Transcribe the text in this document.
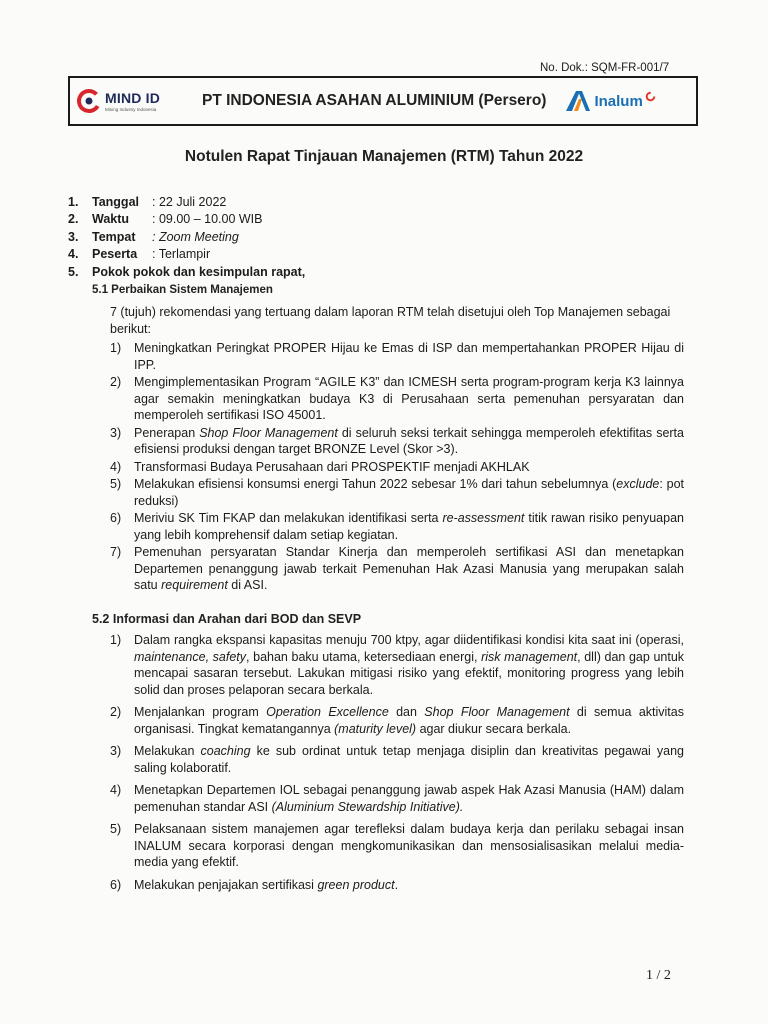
No. Dok.: SQM-FR-001/7
MIND ID
Mining Industry Indonesia
PT INDONESIA ASAHAN ALUMINIUM (Persero)	Inalum
Notulen Rapat Tinjauan Manajemen (RTM) Tahun 2022
1.	Tanggal	: 22 Juli 2022
2.	Waktu	: 09.00 – 10.00 WIB
3.	Tempat	: Zoom Meeting
4.	Peserta	: Terlampir
5.	Pokok pokok dan kesimpulan rapat,
5.1 Perbaikan Sistem Manajemen
7 (tujuh) rekomendasi yang tertuang dalam laporan RTM telah disetujui oleh Top Manajemen sebagai berikut:
1)	Meningkatkan Peringkat PROPER Hijau ke Emas di ISP dan mempertahankan PROPER Hijau di IPP.
2)	Mengimplementasikan Program “AGILE K3” dan ICMESH serta program-program kerja K3 lainnya agar semakin meningkatkan budaya K3 di Perusahaan serta pemenuhan persyaratan dan memperoleh sertifikasi ISO 45001.
3)	Penerapan Shop Floor Management di seluruh seksi terkait sehingga memperoleh efektifitas serta efisiensi produksi dengan target BRONZE Level (Skor >3).
4)	Transformasi Budaya Perusahaan dari PROSPEKTIF menjadi AKHLAK
5)	Melakukan efisiensi konsumsi energi Tahun 2022 sebesar 1% dari tahun sebelumnya (exclude: pot reduksi)
6)	Meriviu SK Tim FKAP dan melakukan identifikasi serta re-assessment titik rawan risiko penyuapan yang lebih komprehensif dalam setiap kegiatan.
7)	Pemenuhan persyaratan Standar Kinerja dan memperoleh sertifikasi ASI dan menetapkan Departemen penanggung jawab terkait Pemenuhan Hak Azasi Manusia yang merupakan salah satu requirement di ASI.
5.2 Informasi dan Arahan dari BOD dan SEVP
1)	Dalam rangka ekspansi kapasitas menuju 700 ktpy, agar diidentifikasi kondisi kita saat ini (operasi, maintenance, safety, bahan baku utama, ketersediaan energi, risk management, dll) dan gap untuk mencapai sasaran tersebut. Lakukan mitigasi risiko yang efektif, monitoring progress yang lebih solid dan proses pelaporan secara berkala.
2)	Menjalankan program Operation Excellence dan Shop Floor Management di semua aktivitas organisasi. Tingkat kematangannya (maturity level) agar diukur secara berkala.
3)	Melakukan coaching ke sub ordinat untuk tetap menjaga disiplin dan kreativitas pegawai yang saling kolaboratif.
4)	Menetapkan Departemen IOL sebagai penanggung jawab aspek Hak Azasi Manusia (HAM) dalam pemenuhan standar ASI (Aluminium Stewardship Initiative).
5)	Pelaksanaan sistem manajemen agar terefleksi dalam budaya kerja dan perilaku sebagai insan INALUM secara korporasi dengan mengkomunikasikan dan mensosialisasikan melalui media-media yang efektif.
6)	Melakukan penjajakan sertifikasi green product.
1 / 2
